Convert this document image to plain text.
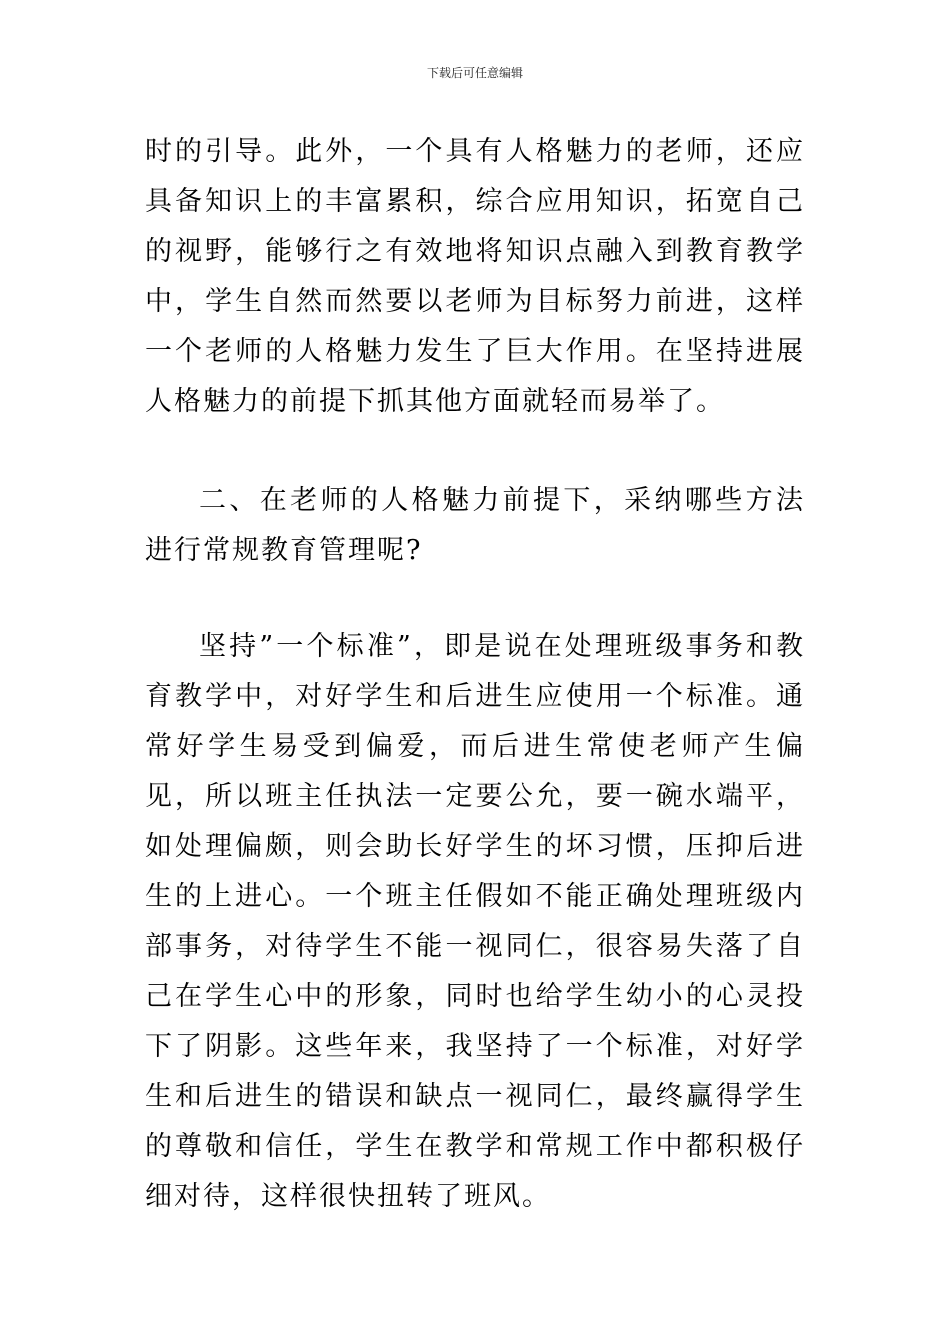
下载后可任意编辑

时的引导。此外，一个具有人格魅力的老师，还应具备知识上的丰富累积，综合应用知识，拓宽自己的视野，能够行之有效地将知识点融入到教育教学中，学生自然而然要以老师为目标努力前进，这样一个老师的人格魅力发生了巨大作用。在坚持进展人格魅力的前提下抓其他方面就轻而易举了。

二、在老师的人格魅力前提下，采纳哪些方法进行常规教育管理呢?

坚持”一个标准”，即是说在处理班级事务和教育教学中，对好学生和后进生应使用一个标准。通常好学生易受到偏爱，而后进生常使老师产生偏见，所以班主任执法一定要公允，要一碗水端平，如处理偏颇，则会助长好学生的坏习惯，压抑后进生的上进心。一个班主任假如不能正确处理班级内部事务，对待学生不能一视同仁，很容易失落了自己在学生心中的形象，同时也给学生幼小的心灵投下了阴影。这些年来，我坚持了一个标准，对好学生和后进生的错误和缺点一视同仁，最终赢得学生的尊敬和信任，学生在教学和常规工作中都积极仔细对待，这样很快扭转了班风。
